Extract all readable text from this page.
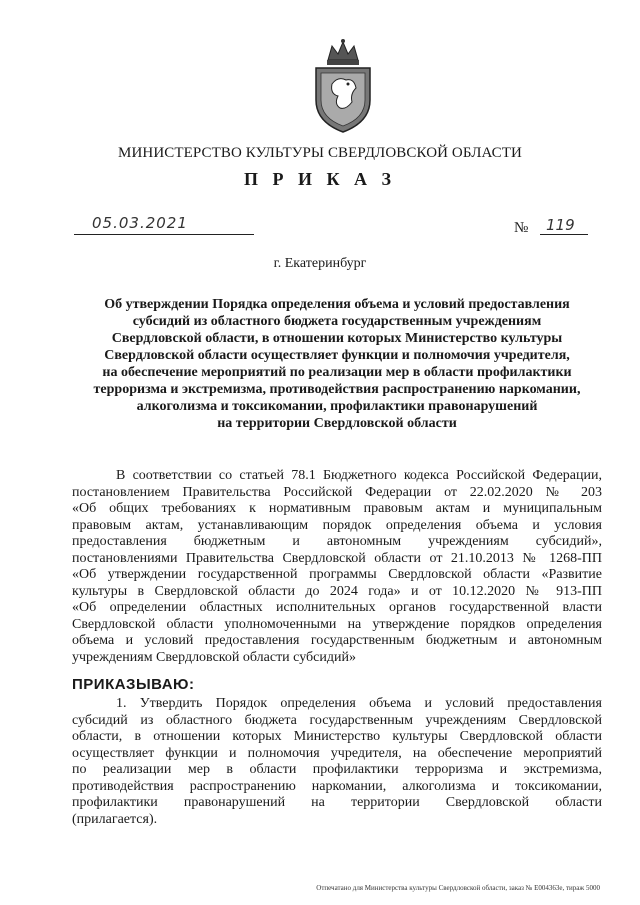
МИНИСТЕРСТВО КУЛЬТУРЫ СВЕРДЛОВСКОЙ ОБЛАСТИ
П Р И К А З
05.03.2021	№ 119
г. Екатеринбург
Об утверждении Порядка определения объема и условий предоставления
субсидий из областного бюджета государственным учреждениям
Свердловской области, в отношении которых Министерство культуры
Свердловской области осуществляет функции и полномочия учредителя,
на обеспечение мероприятий по реализации мер в области профилактики
терроризма и экстремизма, противодействия распространению наркомании,
алкоголизма и токсикомании, профилактики правонарушений
на территории Свердловской области
В соответствии со статьей 78.1 Бюджетного кодекса Российской Федерации,
постановлением Правительства Российской Федерации от 22.02.2020 № 203
«Об общих требованиях к нормативным правовым актам и муниципальным
правовым актам, устанавливающим порядок определения объема и условия
предоставления бюджетным и автономным учреждениям субсидий»,
постановлениями Правительства Свердловской области от 21.10.2013 № 1268-ПП
«Об утверждении государственной программы Свердловской области «Развитие
культуры в Свердловской области до 2024 года» и от 10.12.2020 № 913-ПП
«Об определении областных исполнительных органов государственной власти
Свердловской области уполномоченными на утверждение порядков определения
объема и условий предоставления государственным бюджетным и автономным
учреждениям Свердловской области субсидий»
ПРИКАЗЫВАЮ:
1. Утвердить Порядок определения объема и условий предоставления
субсидий из областного бюджета государственным учреждениям Свердловской
области, в отношении которых Министерство культуры Свердловской области
осуществляет функции и полномочия учредителя, на обеспечение мероприятий
по реализации мер в области профилактики терроризма и экстремизма,
противодействия распространению наркомании, алкоголизма и токсикомании,
профилактики правонарушений на территории Свердловской области
(прилагается).
Отпечатано для Министерства культуры Свердловской области, заказ № Е004363е, тираж 5000
